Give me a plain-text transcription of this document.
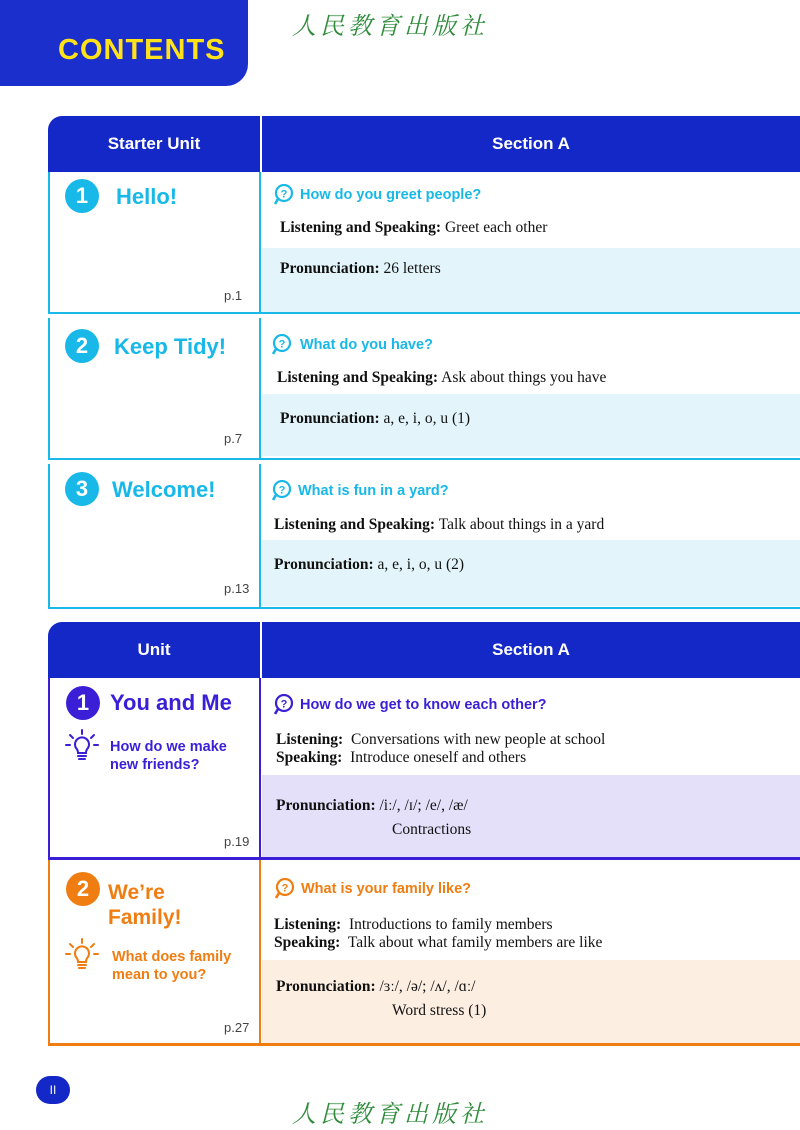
CONTENTS
人民教育出版社
Starter Unit	Section A
1	Hello!
p.1
? How do you greet people?
Listening and Speaking: Greet each other
Pronunciation: 26 letters
2	Keep Tidy!
p.7
? What do you have?
Listening and Speaking: Ask about things you have
Pronunciation: a, e, i, o, u (1)
3	Welcome!
p.13
? What is fun in a yard?
Listening and Speaking: Talk about things in a yard
Pronunciation: a, e, i, o, u (2)
Unit	Section A
1 You and Me
How do we make new friends?
p.19
? How do we get to know each other?
Listening: Conversations with new people at school
Speaking: Introduce oneself and others
Pronunciation: /iː/, /ɪ/; /e/, /æ/
Contractions
2 We’re
Family!
What does family mean to you?
p.27
? What is your family like?
Listening: Introductions to family members
Speaking: Talk about what family members are like
Pronunciation: /ɜː/, /ə/; /ʌ/, /ɑː/
Word stress (1)
II
人民教育出版社
